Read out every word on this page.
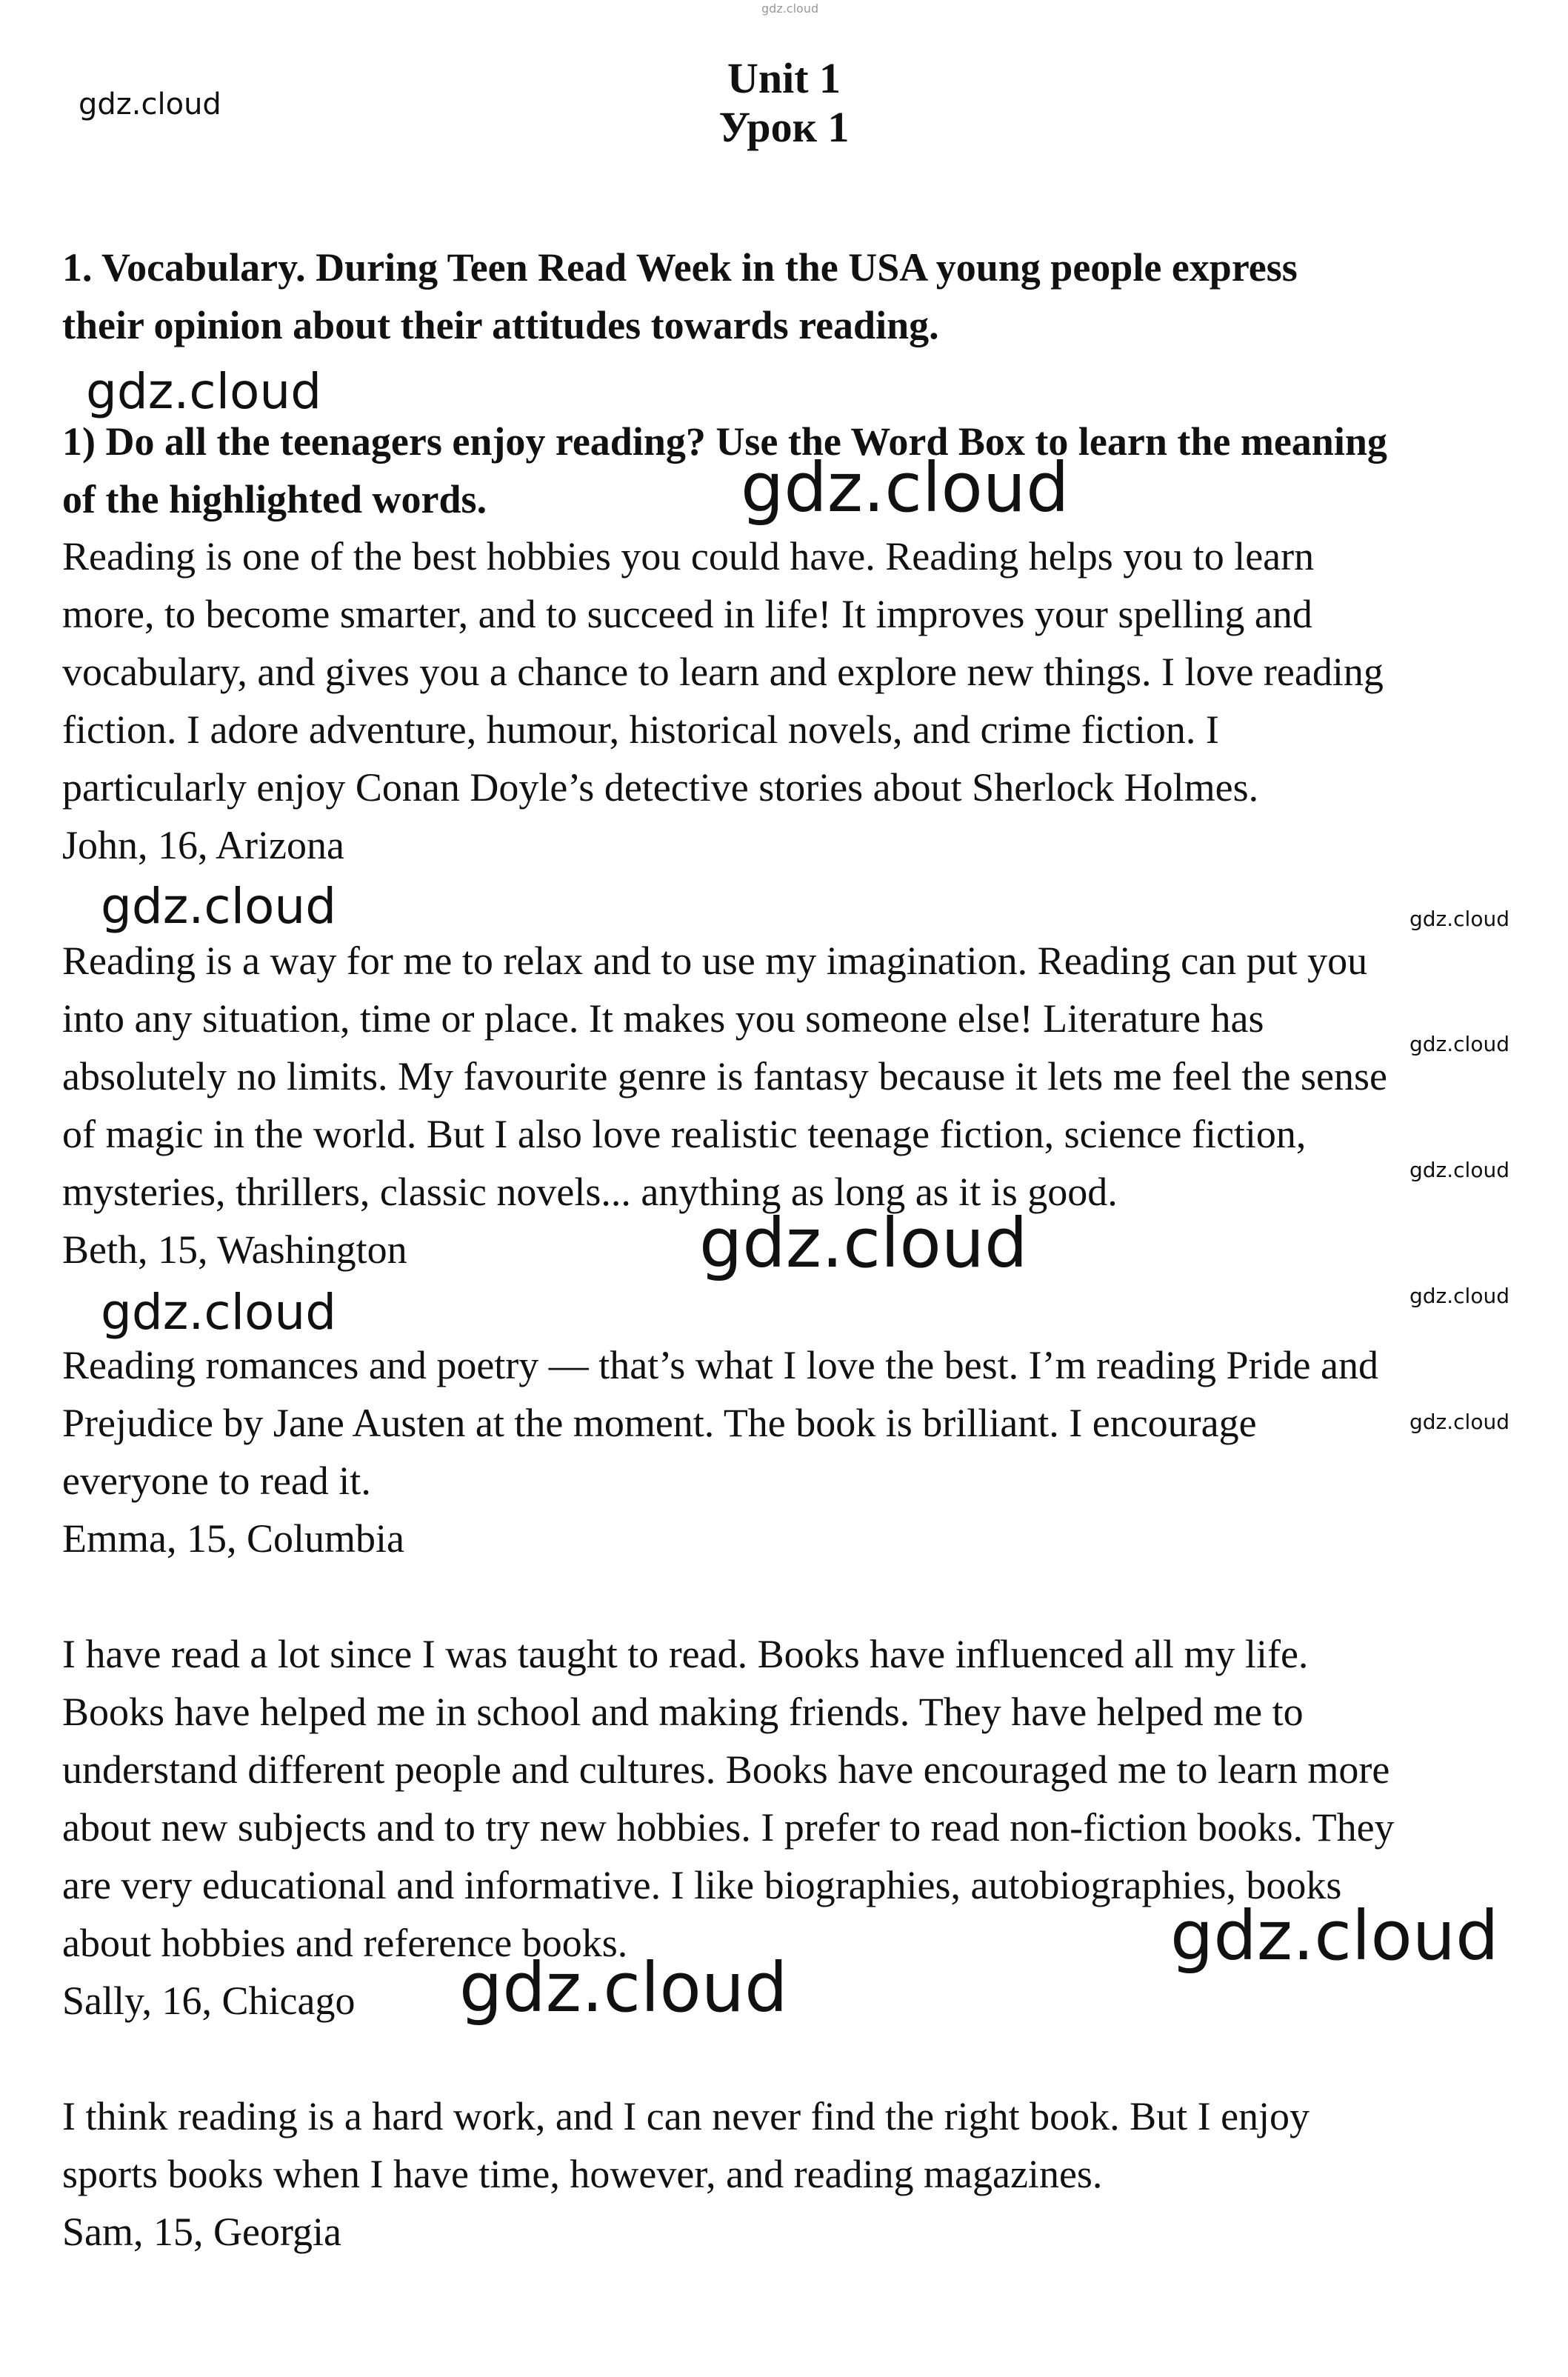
gdz.cloud
gdz.cloud
gdz.cloud
gdz.cloud
gdz.cloud	gdz.cloud
gdz.cloud
gdz.cloud
gdz.cloud
gdz.cloud
gdz.cloud
gdz.cloud
gdz.cloud
gdz.cloud
Unit 1
Урок 1
1. Vocabulary. During Teen Read Week in the USA young people express
their opinion about their attitudes towards reading.
1) Do all the teenagers enjoy reading? Use the Word Box to learn the meaning
of the highlighted words.
Reading is one of the best hobbies you could have. Reading helps you to learn
more, to become smarter, and to succeed in life! It improves your spelling and
vocabulary, and gives you a chance to learn and explore new things. I love reading
fiction. I adore adventure, humour, historical novels, and crime fiction. I
particularly enjoy Conan Doyle’s detective stories about Sherlock Holmes.
John, 16, Arizona
Reading is a way for me to relax and to use my imagination. Reading can put you
into any situation, time or place. It makes you someone else! Literature has
absolutely no limits. My favourite genre is fantasy because it lets me feel the sense
of magic in the world. But I also love realistic teenage fiction, science fiction,
mysteries, thrillers, classic novels... anything as long as it is good.
Beth, 15, Washington
Reading romances and poetry — that’s what I love the best. I’m reading Pride and
Prejudice by Jane Austen at the moment. The book is brilliant. I encourage
everyone to read it.
Emma, 15, Columbia
I have read a lot since I was taught to read. Books have influenced all my life.
Books have helped me in school and making friends. They have helped me to
understand different people and cultures. Books have encouraged me to learn more
about new subjects and to try new hobbies. I prefer to read non-fiction books. They
are very educational and informative. I like biographies, autobiographies, books
about hobbies and reference books.
Sally, 16, Chicago
I think reading is a hard work, and I can never find the right book. But I enjoy
sports books when I have time, however, and reading magazines.
Sam, 15, Georgia
